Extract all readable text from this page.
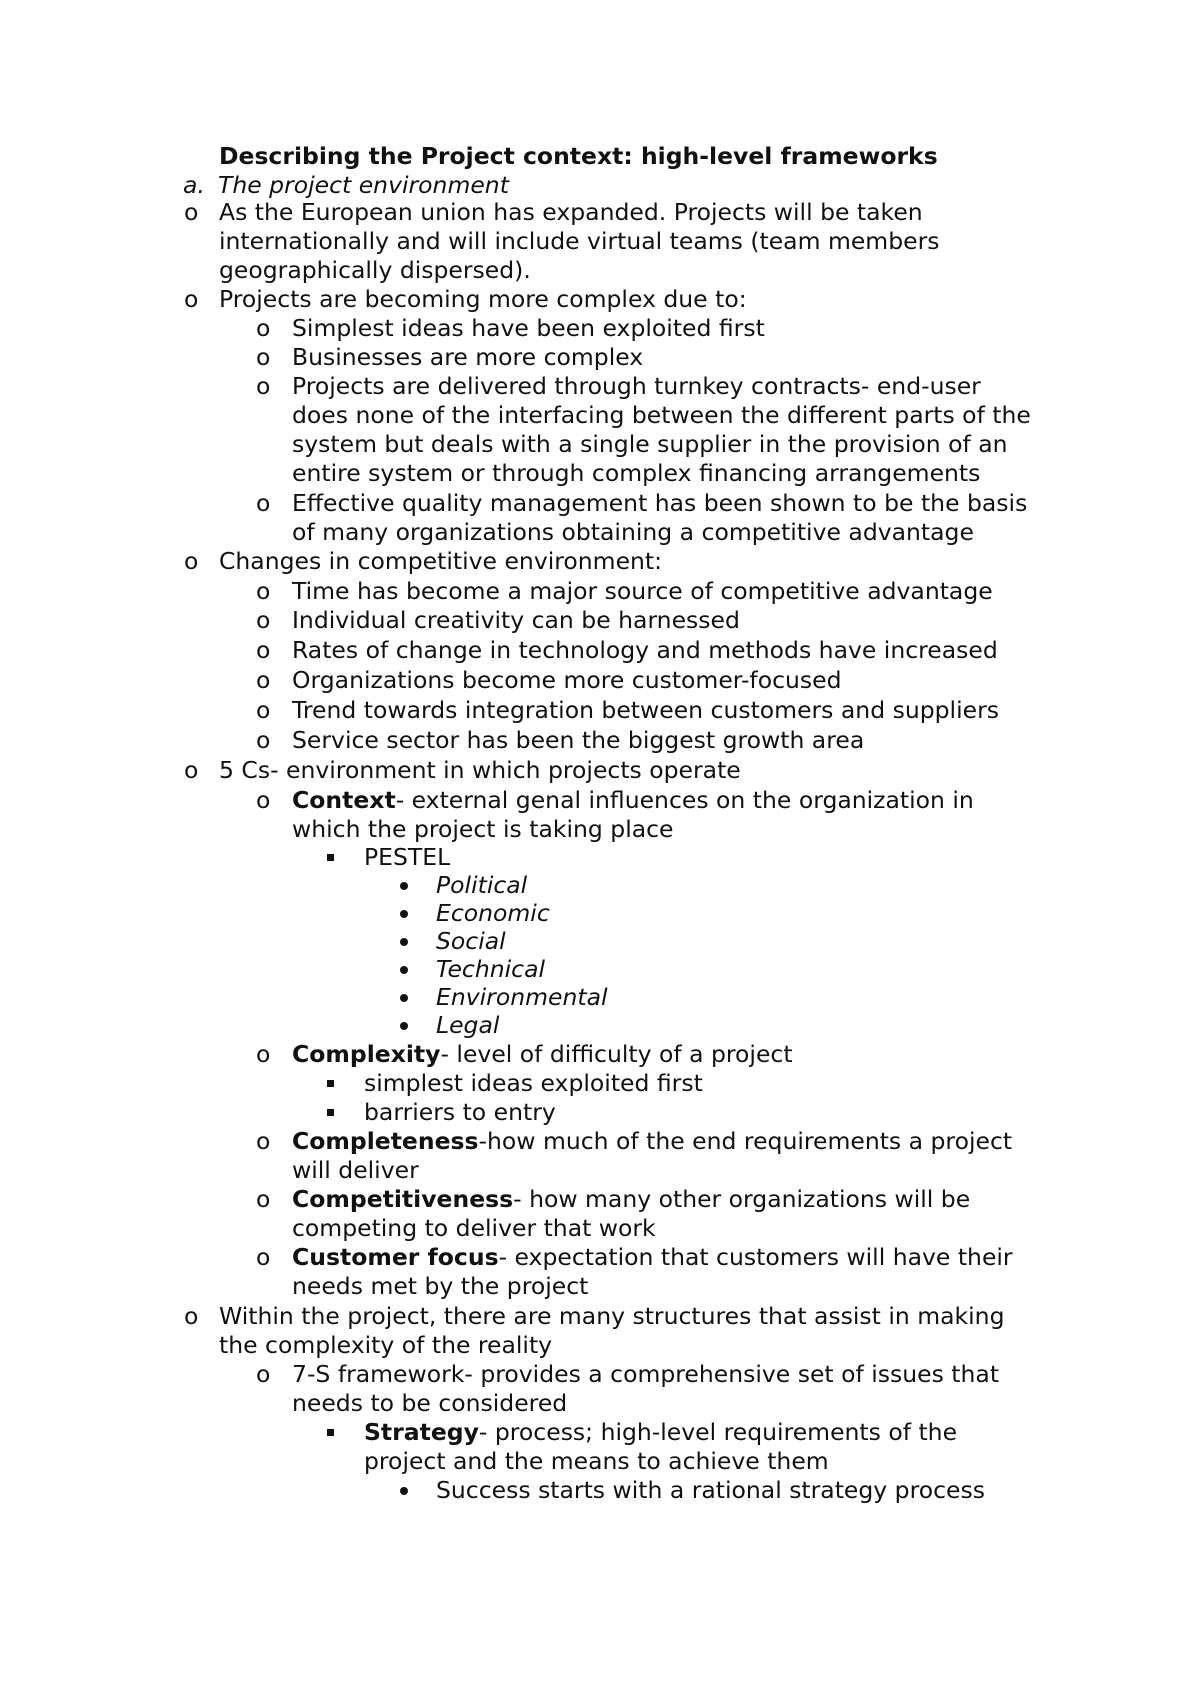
Describing the Project context: high-level frameworks
a. The project environment
o As the European union has expanded. Projects will be taken
internationally and will include virtual teams (team members
geographically dispersed).
o Projects are becoming more complex due to:
o Simplest ideas have been exploited first
o Businesses are more complex
o Projects are delivered through turnkey contracts- end-user
does none of the interfacing between the different parts of the
system but deals with a single supplier in the provision of an
entire system or through complex financing arrangements
o Effective quality management has been shown to be the basis
of many organizations obtaining a competitive advantage
o Changes in competitive environment:
o Time has become a major source of competitive advantage
o Individual creativity can be harnessed
o Rates of change in technology and methods have increased
o Organizations become more customer-focused
o Trend towards integration between customers and suppliers
o Service sector has been the biggest growth area
o 5 Cs- environment in which projects operate
o Context- external genal influences on the organization in
which the project is taking place
PESTEL
Political
Economic
Social
Technical
Environmental
Legal
o Complexity- level of difficulty of a project
simplest ideas exploited first
barriers to entry
o Completeness-how much of the end requirements a project
will deliver
o Competitiveness- how many other organizations will be
competing to deliver that work
o Customer focus- expectation that customers will have their
needs met by the project
o Within the project, there are many structures that assist in making
the complexity of the reality
o 7-S framework- provides a comprehensive set of issues that
needs to be considered
Strategy- process; high-level requirements of the
project and the means to achieve them
Success starts with a rational strategy process
